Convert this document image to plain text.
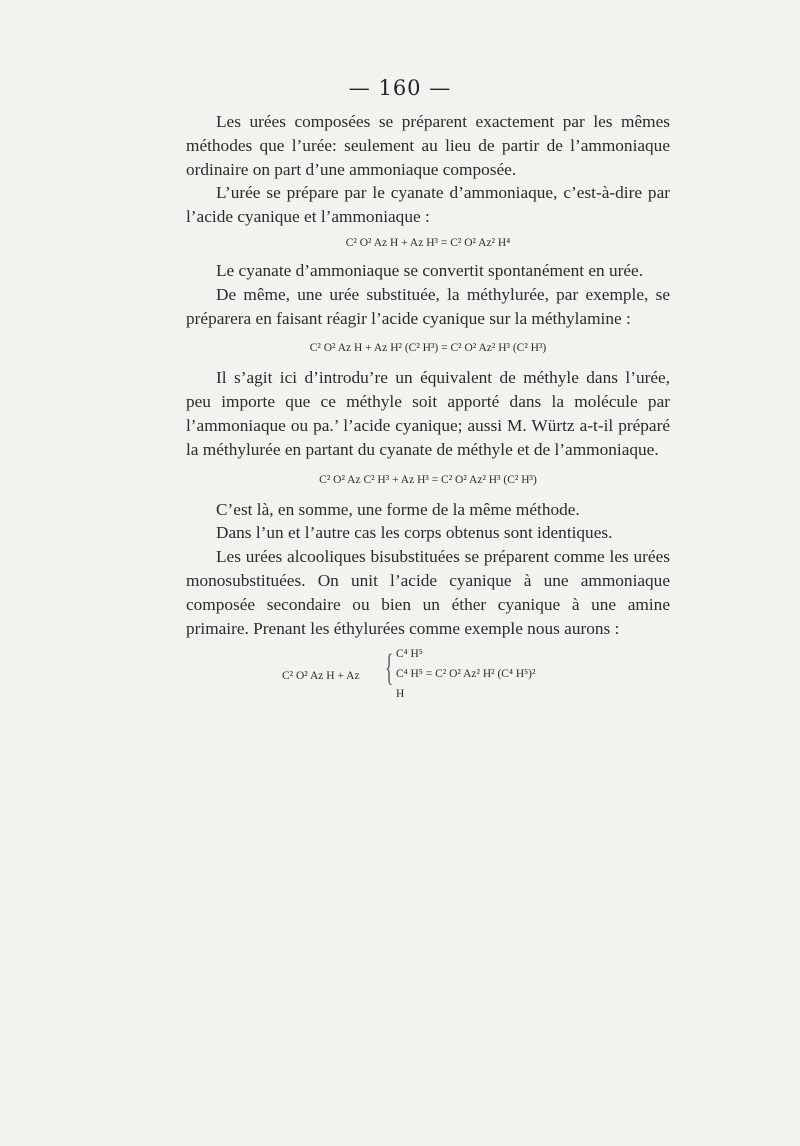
— 160 —

Les urées composées se préparent exactement par les mêmes méthodes que l’urée: seulement au lieu de partir de l’ammoniaque ordinaire on part d’une ammoniaque composée.

L’urée se prépare par le cyanate d’ammoniaque, c’est-à-dire par l’acide cyanique et l’ammoniaque :

C² O² Az H + Az H³ = C² O² Az² H⁴

Le cyanate d’ammoniaque se convertit spontanément en urée.

De même, une urée substituée, la méthylurée, par exemple, se préparera en faisant réagir l’acide cyanique sur la méthylamine :

C² O² Az H + Az H² (C² H³) = C² O² Az² H³ (C² H³)

Il s’agit ici d’introdu’re un équivalent de méthyle dans l’urée, peu importe que ce méthyle soit apporté dans la molécule par l’ammoniaque ou pa.’ l’acide cyanique; aussi M. Würtz a-t-il préparé la méthylurée en partant du cyanate de méthyle et de l’ammoniaque.

C² O² Az C² H³ + Az H³ = C² O² Az² H³ (C² H³)

C’est là, en somme, une forme de la même méthode.

Dans l’un et l’autre cas les corps obtenus sont identiques.

Les urées alcooliques bisubstituées se préparent comme les urées monosubstituées. On unit l’acide cyanique à une ammoniaque composée secondaire ou bien un éther cyanique à une amine primaire. Prenant les éthylurées comme exemple nous aurons :

C² O² Az H + Az { C⁴ H⁵
C⁴ H⁵ = C² O² Az² H² (C⁴ H⁵)²
H
